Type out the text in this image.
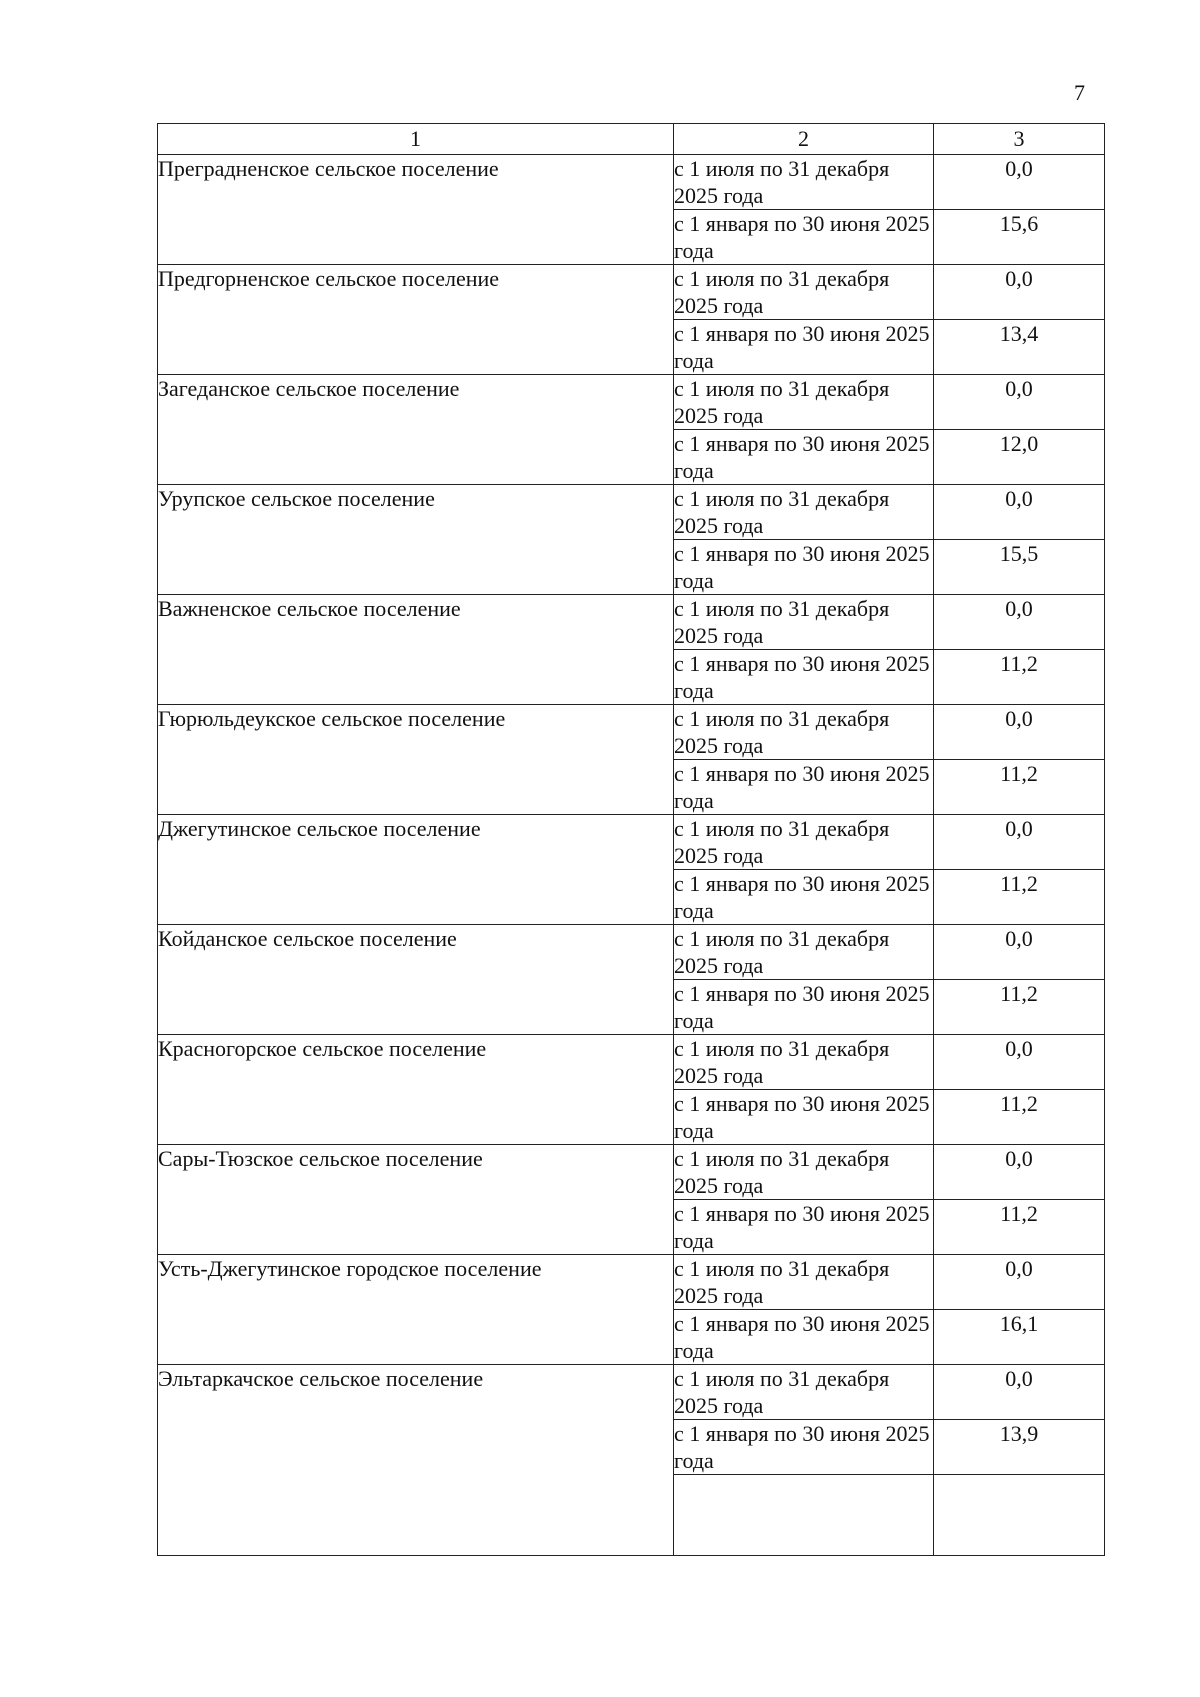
7
1	2	3
Преградненское сельское поселение	с 1 июля по 31 декабря 2025 года	0,0
	с 1 января по 30 июня 2025 года	15,6
Предгорненское сельское поселение	с 1 июля по 31 декабря 2025 года	0,0
	с 1 января по 30 июня 2025 года	13,4
Загеданское сельское поселение	с 1 июля по 31 декабря 2025 года	0,0
	с 1 января по 30 июня 2025 года	12,0
Урупское сельское поселение	с 1 июля по 31 декабря 2025 года	0,0
	с 1 января по 30 июня 2025 года	15,5
Важненское сельское поселение	с 1 июля по 31 декабря 2025 года	0,0
	с 1 января по 30 июня 2025 года	11,2
Гюрюльдеукское сельское поселение	с 1 июля по 31 декабря 2025 года	0,0
	с 1 января по 30 июня 2025 года	11,2
Джегутинское сельское поселение	с 1 июля по 31 декабря 2025 года	0,0
	с 1 января по 30 июня 2025 года	11,2
Койданское сельское поселение	с 1 июля по 31 декабря 2025 года	0,0
	с 1 января по 30 июня 2025 года	11,2
Красногорское сельское поселение	с 1 июля по 31 декабря 2025 года	0,0
	с 1 января по 30 июня 2025 года	11,2
Сары-Тюзское сельское поселение	с 1 июля по 31 декабря 2025 года	0,0
	с 1 января по 30 июня 2025 года	11,2
Усть-Джегутинское городское поселение	с 1 июля по 31 декабря 2025 года	0,0
	с 1 января по 30 июня 2025 года	16,1
Эльтаркачское сельское поселение	с 1 июля по 31 декабря 2025 года	0,0
	с 1 января по 30 июня 2025 года	13,9
